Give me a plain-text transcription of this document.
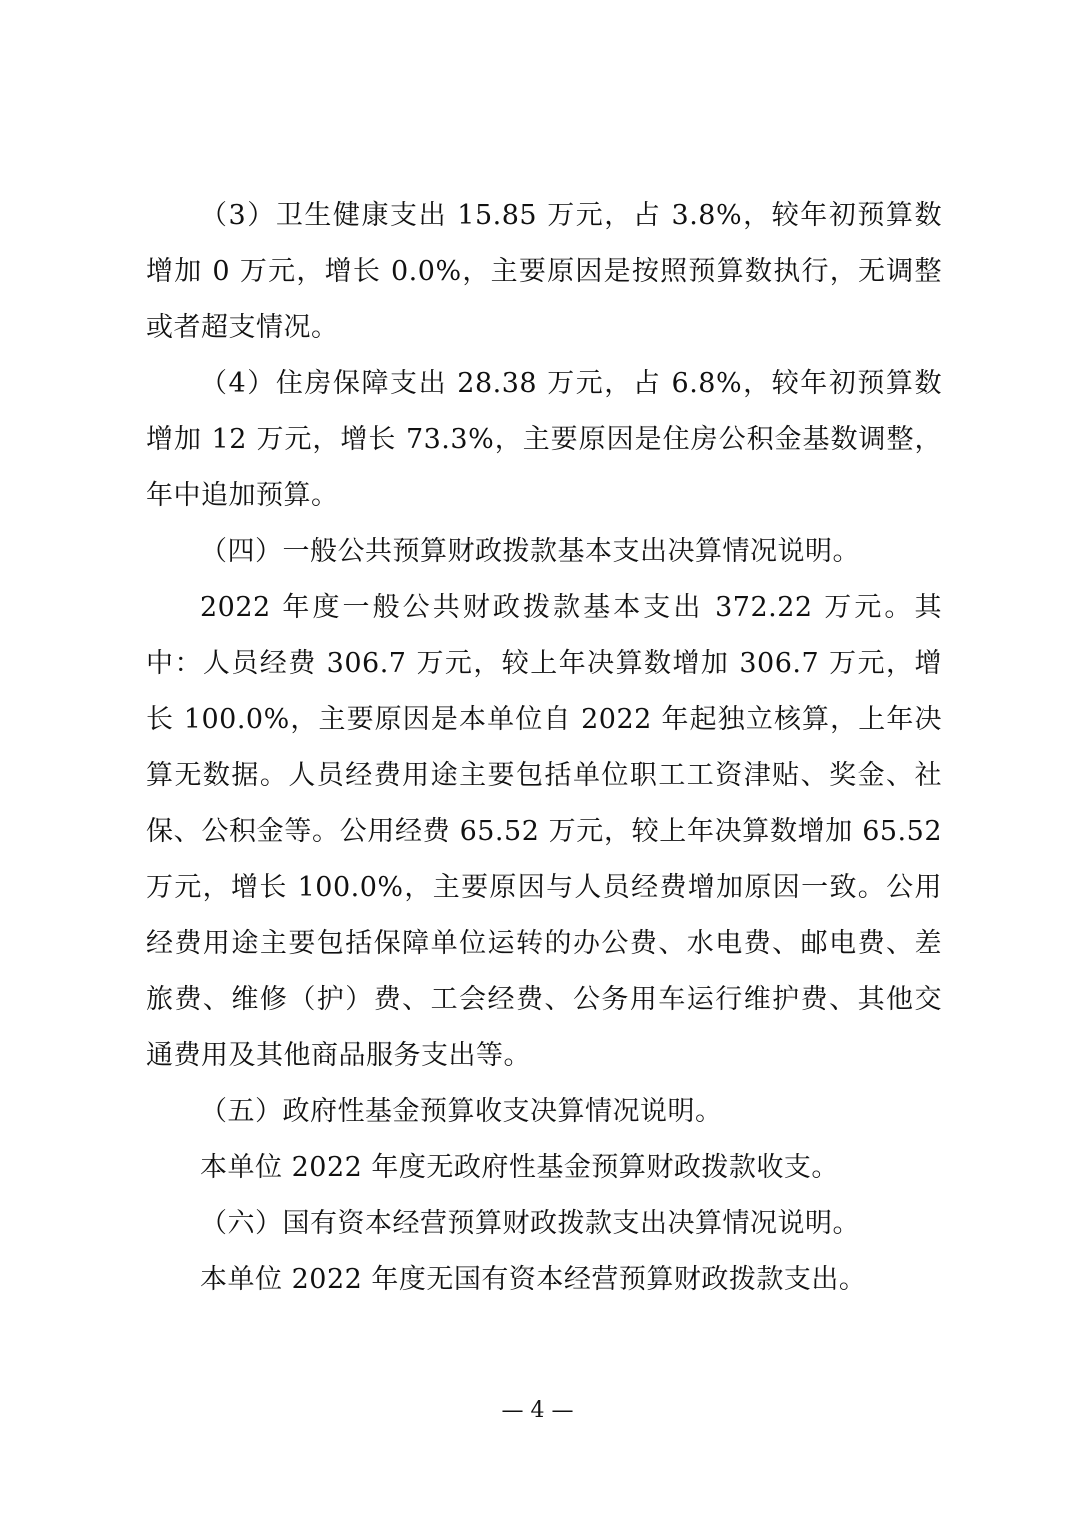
（3）卫生健康支出 15.85 万元，占 3.8%，较年初预算数增加 0 万元，增长 0.0%，主要原因是按照预算数执行，无调整或者超支情况。

（4）住房保障支出 28.38 万元，占 6.8%，较年初预算数增加 12 万元，增长 73.3%，主要原因是住房公积金基数调整，年中追加预算。

（四）一般公共预算财政拨款基本支出决算情况说明。

2022 年度一般公共财政拨款基本支出 372.22 万元。其中：人员经费 306.7 万元，较上年决算数增加 306.7 万元，增长 100.0%，主要原因是本单位自 2022 年起独立核算，上年决算无数据。人员经费用途主要包括单位职工工资津贴、奖金、社保、公积金等。公用经费 65.52 万元，较上年决算数增加 65.52 万元，增长 100.0%，主要原因与人员经费增加原因一致。公用经费用途主要包括保障单位运转的办公费、水电费、邮电费、差旅费、维修（护）费、工会经费、公务用车运行维护费、其他交通费用及其他商品服务支出等。

（五）政府性基金预算收支决算情况说明。

本单位 2022 年度无政府性基金预算财政拨款收支。

（六）国有资本经营预算财政拨款支出决算情况说明。

本单位 2022 年度无国有资本经营预算财政拨款支出。

— 4 —
